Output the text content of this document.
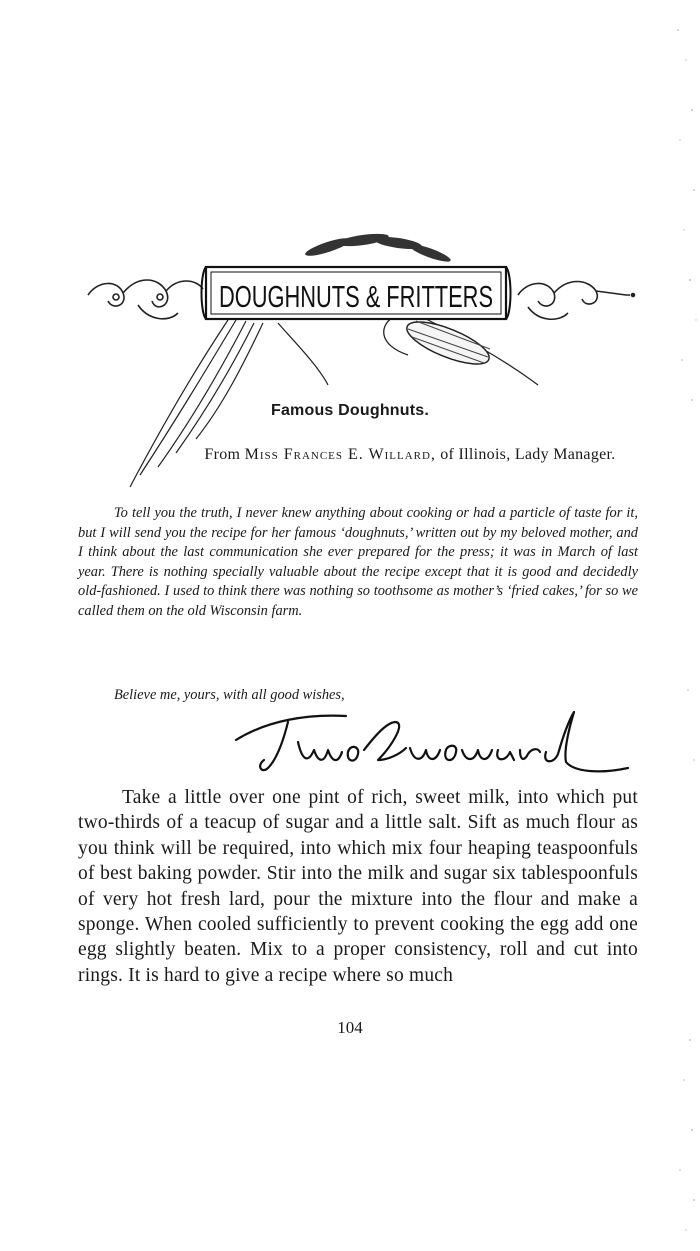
DOUGHNUTS & FRITTERS
Famous Doughnuts.
From Miss Frances E. Willard, of Illinois, Lady Manager.

To tell you the truth, I never knew anything about cooking or had a particle of taste for it, but I will send you the recipe for her famous ‘doughnuts,’ written out by my beloved mother, and I think about the last communication she ever prepared for the press; it was in March of last year. There is nothing specially valuable about the recipe except that it is good and decidedly old-fashioned. I used to think there was nothing so toothsome as mother’s ‘fried cakes,’ for so we called them on the old Wisconsin farm.

Believe me, yours, with all good wishes,

Take a little over one pint of rich, sweet milk, into which put two-thirds of a teacup of sugar and a little salt. Sift as much flour as you think will be required, into which mix four heaping teaspoonfuls of best baking powder. Stir into the milk and sugar six tablespoonfuls of very hot fresh lard, pour the mixture into the flour and make a sponge. When cooled sufficiently to prevent cooking the egg add one egg slightly beaten. Mix to a proper consistency, roll and cut into rings. It is hard to give a recipe where so much

104
